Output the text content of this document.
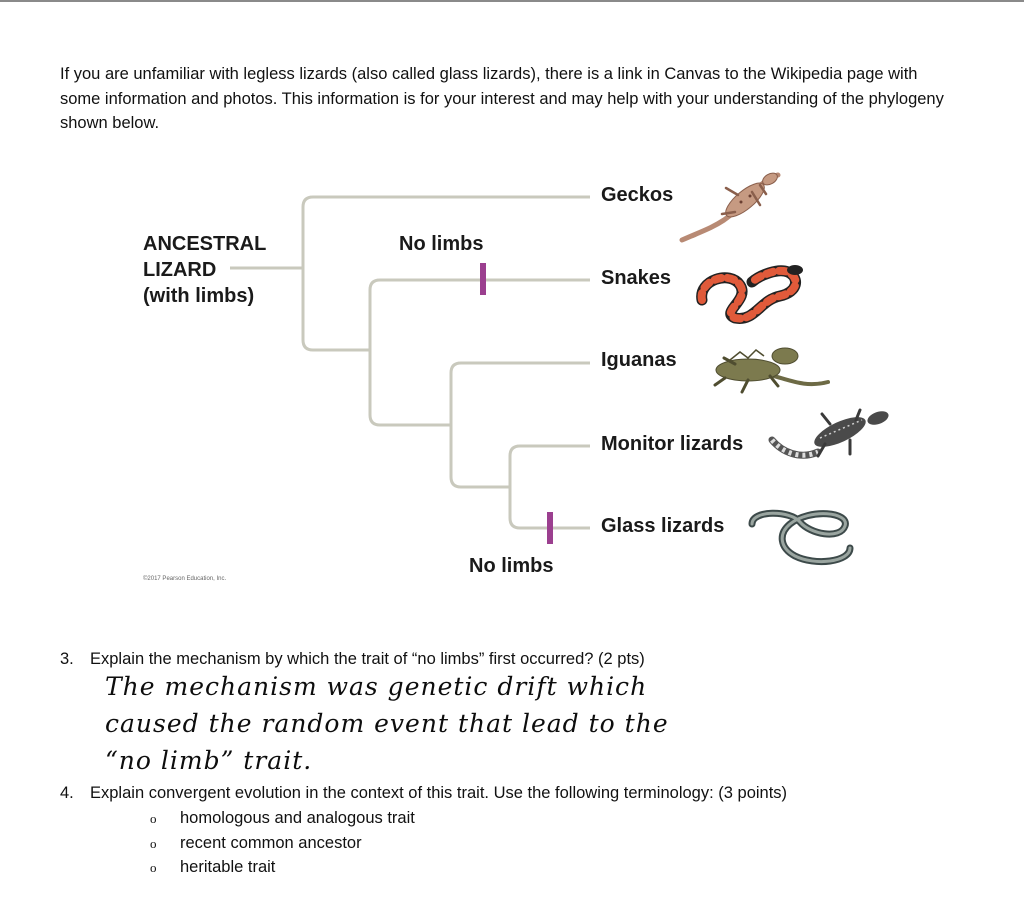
If you are unfamiliar with legless lizards (also called glass lizards), there is a link in Canvas to the Wikipedia page with some information and photos. This information is for your interest and may help with your understanding of the phylogeny shown below.

ANCESTRAL
LIZARD
(with limbs)
Geckos
Snakes
Iguanas
Monitor lizards
Glass lizards
No limbs
No limbs
©2017 Pearson Education, Inc.

3. Explain the mechanism by which the trait of “no limbs” first occurred? (2 pts)

The mechanism was genetic drift which
caused the random event that lead to the
“no limb” trait.

4. Explain convergent evolution in the context of this trait. Use the following terminology: (3 points)

o homologous and analogous trait
o recent common ancestor
o heritable trait
